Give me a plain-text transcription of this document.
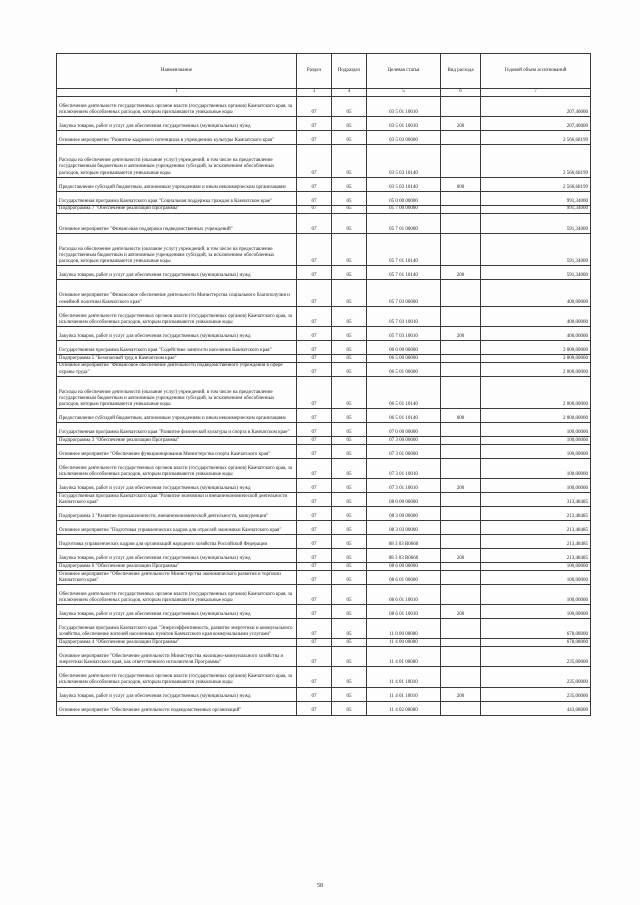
Наименование	Раздел	Подраздел	Целевая статья	Вид расхода	Годовой объем ассигнований
1	3	4	5	6	7
Обеспечение деятельности государственных органов власти (государственных органов) Камчатского края, за исключением обособленных расходов, которым присваиваются уникальные коды	07	05	03 5 01 10010		207,40000
Закупка товаров, работ и услуг для обеспечения государственных (муниципальных) нужд	07	05	03 5 01 10010	200	207,40000
Основное мероприятие "Развитие кадрового потенциала в учреждениях культуры Камчатского края"	07	05	03 5 03 00000		2 566,68199
Расходы на обеспечение деятельности (оказание услуг) учреждений, в том числе на предоставление государственным бюджетным и автономным учреждениям субсидий, за исключением обособленных расходов, которым присваиваются уникальные коды	07	05	03 5 03 10140		2 566,68199
Предоставление субсидий бюджетным, автономным учреждениям и иным некоммерческим организациям	07	05	03 5 03 10140	600	2 566,68199
Государственная программа Камчатского края "Социальная поддержка граждан в Камчатском крае"	07	05	05 0 00 00000		991,34000
Подпрограмма 7 "Обеспечение реализации Программы"	07	05	05 7 00 00000		991,34000
Основное мероприятие "Финансовая поддержка подведомственных учреждений"	07	05	05 7 01 00000		591,34000
Расходы на обеспечение деятельности (оказание услуг) учреждений, в том числе на предоставление государственным бюджетным и автономным учреждениям субсидий, за исключением обособленных расходов, которым присваиваются уникальные коды	07	05	05 7 01 10140		591,34000
Закупка товаров, работ и услуг для обеспечения государственных (муниципальных) нужд	07	05	05 7 01 10140	200	591,34000
Основное мероприятие "Финансовое обеспечение деятельности Министерства социального благополучия и семейной политики Камчатского края"	07	05	05 7 03 00000		400,00000
Обеспечение деятельности государственных органов власти (государственных органов) Камчатского края, за исключением обособленных расходов, которым присваиваются уникальные коды	07	05	05 7 03 10010		400,00000
Закупка товаров, работ и услуг для обеспечения государственных (муниципальных) нужд	07	05	05 7 03 10010	200	400,00000
Государственная программа Камчатского края "Содействие занятости населения Камчатского края"	07	05	06 0 00 00000		2 000,00000
Подпрограмма 5 "Безопасный труд в Камчатском крае"	07	05	06 5 00 00000		2 000,00000
Основное мероприятие "Финансовое обеспечение деятельности подведомственного учреждения в сфере охраны труда"	07	05	06 5 01 00000		2 000,00000
Расходы на обеспечение деятельности (оказание услуг) учреждений, в том числе на предоставление государственным бюджетным и автономным учреждениям субсидий, за исключением обособленных расходов, которым присваиваются уникальные коды	07	05	06 5 01 10140		2 000,00000
Предоставление субсидий бюджетным, автономным учреждениям и иным некоммерческим организациям	07	05	06 5 01 10140	600	2 000,00000
Государственная программа Камчатского края "Развитие физической культуры и спорта в Камчатском крае"	07	05	07 0 00 00000		100,00000
Подпрограмма 3 "Обеспечение реализации Программы"	07	05	07 3 00 00000		100,00000
Основное мероприятие "Обеспечение функционирования Министерства спорта Камчатского края"	07	05	07 3 01 00000		100,00000
Обеспечение деятельности государственных органов власти (государственных органов) Камчатского края, за исключением обособленных расходов, которым присваиваются уникальные коды	07	05	07 3 01 10010		100,00000
Закупка товаров, работ и услуг для обеспечения государственных (муниципальных) нужд	07	05	07 3 01 10010	200	100,00000
Государственная программа Камчатского края "Развитие экономики и внешнеэкономической деятельности Камчатского края"	07	05	08 0 00 00000		313,48485
Подпрограмма 3 "Развитие промышленности, внешнеэкономической деятельности, конкуренции"	07	05	08 3 00 00000		213,48485
Основное мероприятие "Подготовка управленческих кадров для отраслей экономики Камчатского края"	07	05	08 3 03 00000		213,48485
Подготовка управленческих кадров для организаций народного хозяйства Российской Федерации	07	05	08 3 03 R0660		213,48485
Закупка товаров, работ и услуг для обеспечения государственных (муниципальных) нужд	07	05	08 3 03 R0660	200	213,48485
Подпрограмма 6 "Обеспечение реализации Программы"	07	05	08 6 00 00000		100,00000
Основное мероприятие "Обеспечение деятельности Министерства экономического развития и торговли Камчатского края"	07	05	08 6 01 00000		100,00000
Обеспечение деятельности государственных органов власти (государственных органов) Камчатского края, за исключением обособленных расходов, которым присваиваются уникальные коды	07	05	08 6 01 10010		100,00000
Закупка товаров, работ и услуг для обеспечения государственных (муниципальных) нужд	07	05	08 6 01 10010	200	100,00000
Государственная программа Камчатского края "Энергоэффективность, развитие энергетики и коммунального хозяйства, обеспечение жителей населенных пунктов Камчатского края коммунальными услугами"	07	05	11 0 00 00000		678,08000
Подпрограмма 4 "Обеспечение реализации Программы"	07	05	11 4 00 00000		678,08000
Основное мероприятие "Обеспечение деятельности Министерства жилищно-коммунального хозяйства и энергетики Камчатского края, как ответственного исполнителя Программы"	07	05	11 4 01 00000		235,00000
Обеспечение деятельности государственных органов власти (государственных органов) Камчатского края, за исключением обособленных расходов, которым присваиваются уникальные коды	07	05	11 4 01 10010		235,00000
Закупка товаров, работ и услуг для обеспечения государственных (муниципальных) нужд	07	05	11 4 01 10010	200	235,00000
Основное мероприятие "Обеспечение деятельности подведомственных организаций"	07	05	11 4 02 00000		443,08000
58
